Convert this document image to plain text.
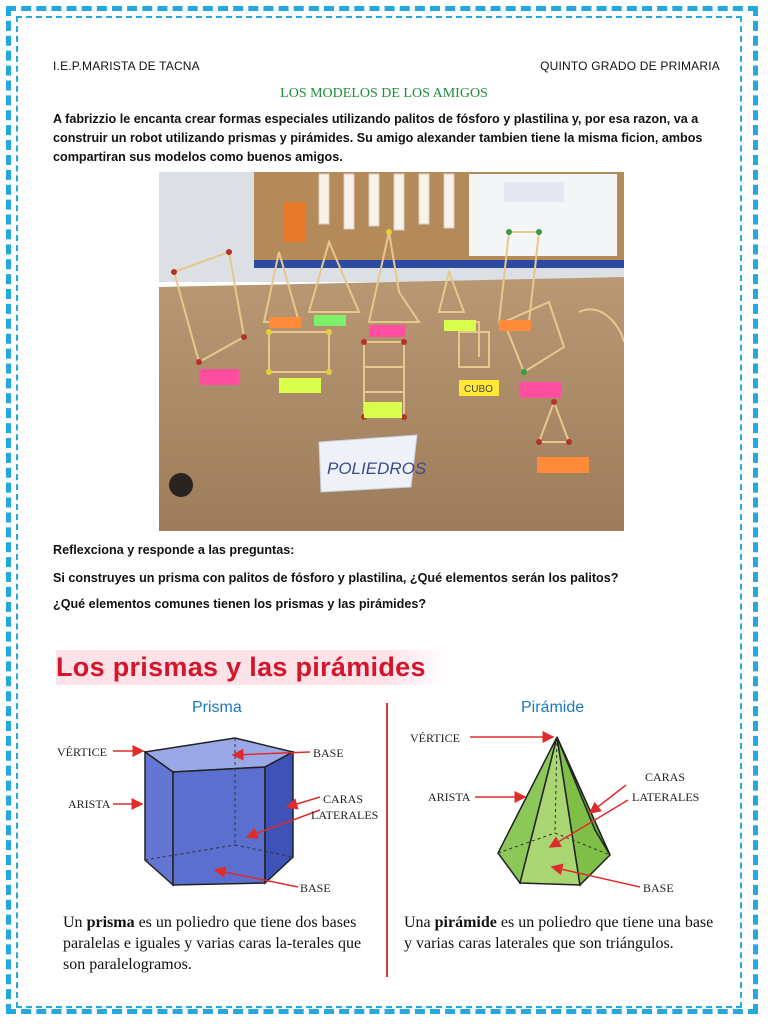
I.E.P.MARISTA DE TACNA	QUINTO GRADO DE PRIMARIA
LOS MODELOS DE LOS AMIGOS
A fabrizzio le encanta crear formas especiales utilizando palitos de fósforo y plastilina y, por esa razon, va a construir un robot utilizando prismas y pirámides. Su amigo alexander tambien tiene la misma ficion, ambos compartiran sus modelos como buenos amigos.
CUBO
POLIEDROS
Reflexciona y responde a las preguntas:
Si construyes un prisma con palitos de fósforo y plastilina, ¿Qué elementos serán los palitos?
¿Qué elementos comunes tienen los prismas y las pirámides?
Los prismas y las pirámides
Prisma
VÉRTICE	BASE
ARISTA	CARAS
LATERALES
BASE
Un prisma es un poliedro que tiene dos bases paralelas e iguales y varias caras la-terales que son paralelogramos.
Pirámide
VÉRTICE
ARISTA
CARAS
LATERALES
BASE
Una pirámide es un poliedro que tiene una base y varias caras laterales que son triángulos.
